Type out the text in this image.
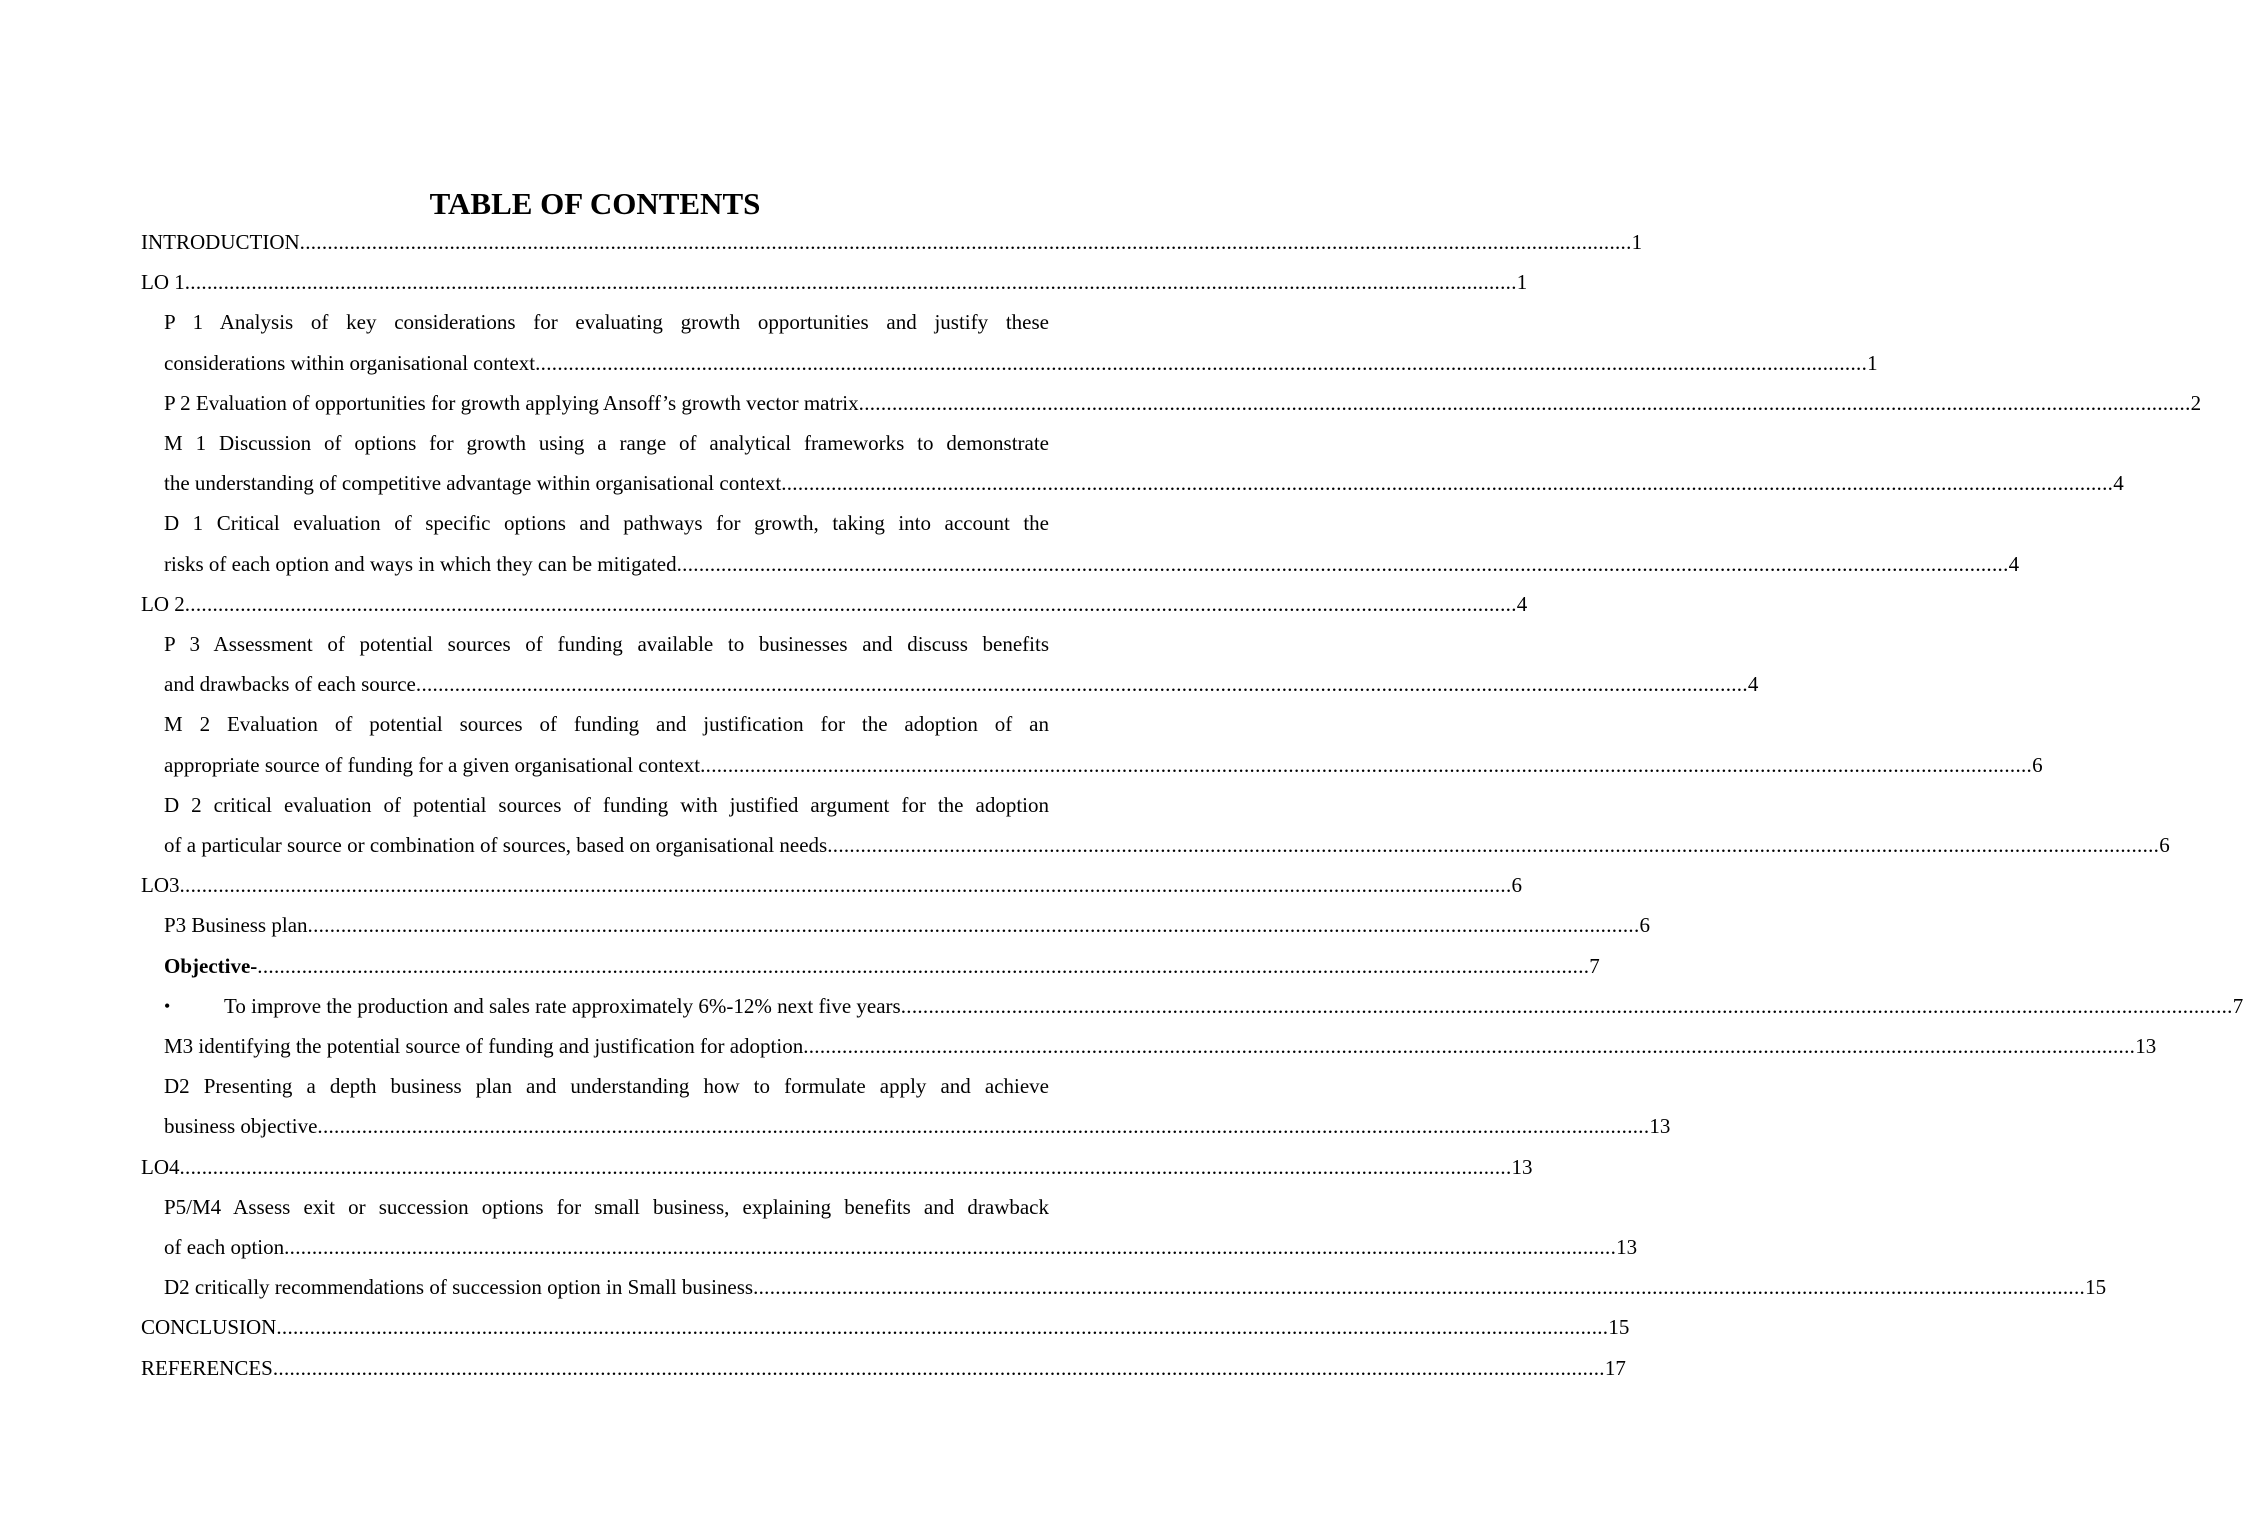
TABLE OF CONTENTS
INTRODUCTION ................................................................................................................................................................................................................................................ 1
LO 1 ................................................................................................................................................................................................................................................ 1
P 1 Analysis of key considerations for evaluating growth opportunities and justify these
considerations within organisational context ................................................................................................................................................................................................................................................ 1
P 2 Evaluation of opportunities for growth applying Ansoff’s growth vector matrix ................................................................................................................................................................................................................................................ 2
M 1 Discussion of options for growth using a range of analytical frameworks to demonstrate
the understanding of competitive advantage within organisational context ................................................................................................................................................................................................................................................ 4
D 1 Critical evaluation of specific options and pathways for growth, taking into account the
risks of each option and ways in which they can be mitigated ................................................................................................................................................................................................................................................ 4
LO 2 ................................................................................................................................................................................................................................................ 4
P 3 Assessment of potential sources of funding available to businesses and discuss benefits
and drawbacks of each source ................................................................................................................................................................................................................................................ 4
M 2 Evaluation of potential sources of funding and justification for the adoption of an
appropriate source of funding for a given organisational context ................................................................................................................................................................................................................................................ 6
D 2 critical evaluation of potential sources of funding with justified argument for the adoption
of a particular source or combination of sources, based on organisational needs ................................................................................................................................................................................................................................................ 6
LO3 ................................................................................................................................................................................................................................................ 6
P3 Business plan ................................................................................................................................................................................................................................................ 6
Objective- ................................................................................................................................................................................................................................................ 7
•	To improve the production and sales rate approximately 6%-12% next five years ................................................................................................................................................................................................................................................ 7
M3 identifying the potential source of funding and justification for adoption ................................................................................................................................................................................................................................................ 13
D2 Presenting a depth business plan and understanding how to formulate apply and achieve
business objective ................................................................................................................................................................................................................................................ 13
LO4 ................................................................................................................................................................................................................................................ 13
P5/M4 Assess exit or succession options for small business, explaining benefits and drawback
of each option ................................................................................................................................................................................................................................................ 13
D2 critically recommendations of succession option in Small business ................................................................................................................................................................................................................................................ 15
CONCLUSION ................................................................................................................................................................................................................................................ 15
REFERENCES ................................................................................................................................................................................................................................................ 17
